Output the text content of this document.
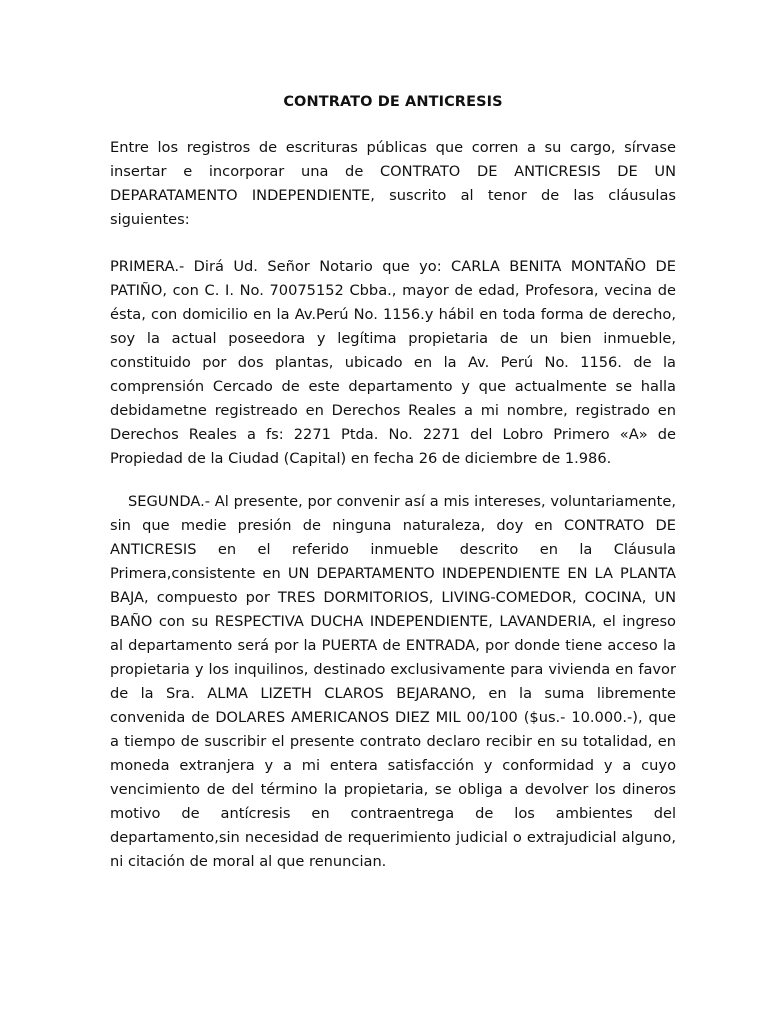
CONTRATO DE ANTICRESIS

Entre los registros de escrituras públicas que corren a su cargo, sírvase insertar e incorporar una de CONTRATO DE ANTICRESIS DE UN DEPARATAMENTO INDEPENDIENTE, suscrito al tenor de las cláusulas siguientes:

PRIMERA.- Dirá Ud. Señor Notario que yo: CARLA BENITA MONTAÑO DE PATIÑO, con C. I. No. 70075152 Cbba., mayor de edad, Profesora, vecina de ésta, con domicilio en la Av.Perú No. 1156.y hábil en toda forma de derecho, soy la actual poseedora y legítima propietaria de un bien inmueble, constituido por dos plantas, ubicado en la Av. Perú No. 1156. de la comprensión Cercado de este departamento y que actualmente se halla debidametne registreado en Derechos Reales a mi nombre, registrado en Derechos Reales a fs: 2271 Ptda. No. 2271 del Lobro Primero «A» de Propiedad de la Ciudad (Capital) en fecha 26 de diciembre de 1.986.

SEGUNDA.- Al presente, por convenir así a mis intereses, voluntariamente, sin que medie presión de ninguna naturaleza, doy en CONTRATO DE ANTICRESIS en el referido inmueble descrito en la Cláusula Primera,consistente en UN DEPARTAMENTO INDEPENDIENTE EN LA PLANTA BAJA, compuesto por TRES DORMITORIOS, LIVING-COMEDOR, COCINA, UN BAÑO con su RESPECTIVA DUCHA INDEPENDIENTE, LAVANDERIA, el ingreso al departamento será por la PUERTA de ENTRADA, por donde tiene acceso la propietaria y los inquilinos, destinado exclusivamente para vivienda en favor de la Sra. ALMA LIZETH CLAROS BEJARANO, en la suma libremente convenida de DOLARES AMERICANOS DIEZ MIL 00/100 ($us.- 10.000.-), que a tiempo de suscribir el presente contrato declaro recibir en su totalidad, en moneda extranjera y a mi entera satisfacción y conformidad y a cuyo vencimiento de del término la propietaria, se obliga a devolver los dineros motivo de antícresis en contraentrega de los ambientes del departamento,sin necesidad de requerimiento judicial o extrajudicial alguno, ni citación de moral al que renuncian.
